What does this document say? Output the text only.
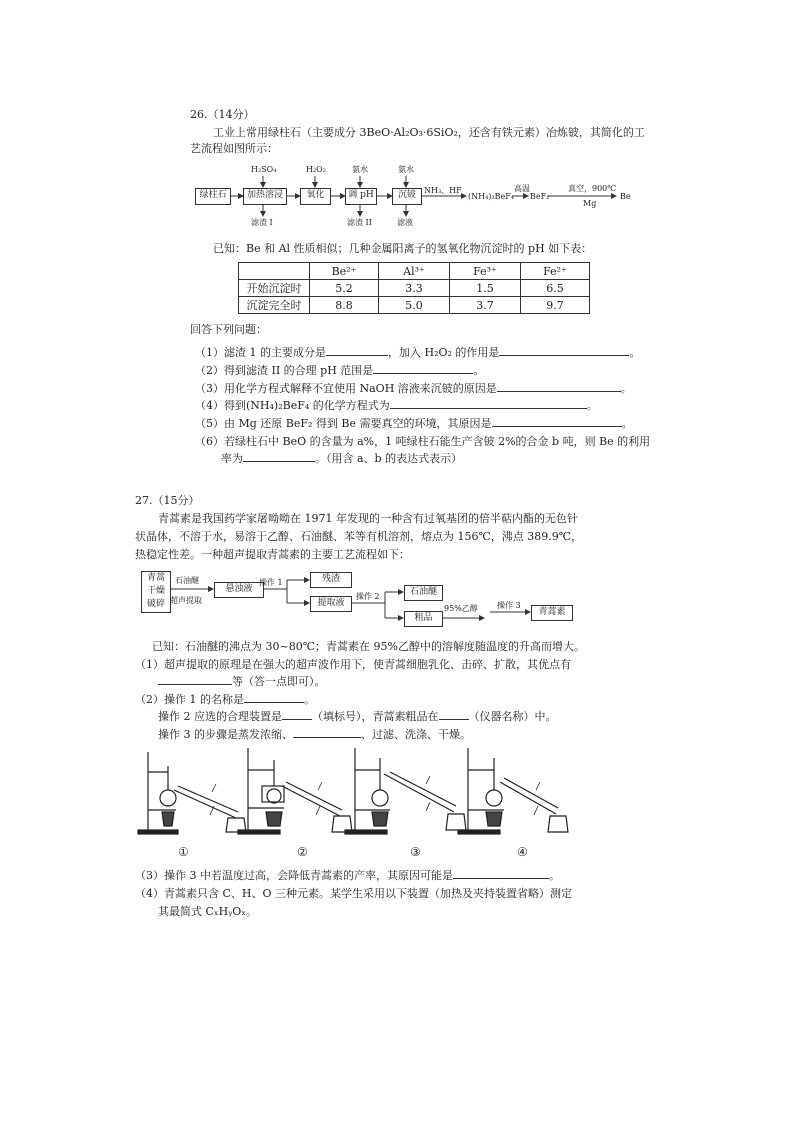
26.（14分）
工业上常用绿柱石（主要成分 3BeO·Al₂O₃·6SiO₂，还含有铁元素）冶炼铍，其简化的工
艺流程如图所示：
绿柱石	加热溶浸	氧化	调 pH	沉铍
H₂SO₄	H₂O₂	氨水	氨水
滤渣 I	滤渣 II	滤液
NH₃、HF
(NH₄)₂BeF₄
高温
BeF₂
真空，900℃
Mg
Be
已知：Be 和 Al 性质相似；几种金属阳离子的氢氧化物沉淀时的 pH 如下表：
	Be²⁺	Al³⁺	Fe³⁺	Fe²⁺
开始沉淀时	5.2	3.3	1.5	6.5
沉淀完全时	8.8	5.0	3.7	9.7
回答下列问题：
（1）滤渣 1 的主要成分是	，加入 H₂O₂ 的作用是	。
（2）得到滤渣 II 的合理 pH 范围是	。
（3）用化学方程式解释不宜使用 NaOH 溶液来沉铍的原因是	。
（4）得到(NH₄)₂BeF₄ 的化学方程式为	。
（5）由 Mg 还原 BeF₂ 得到 Be 需要真空的环境，其原因是	。
（6）若绿柱石中 BeO 的含量为 a%，1 吨绿柱石能生产含铍 2%的合金 b 吨，则 Be 的利用
率为	。（用含 a、b 的表达式表示）
27.（15分）
青蒿素是我国药学家屠呦呦在 1971 年发现的一种含有过氧基团的倍半萜内酯的无色针
状晶体，不溶于水，易溶于乙醇、石油醚、苯等有机溶剂，熔点为 156℃，沸点 389.9℃，
热稳定性差。一种超声提取青蒿素的主要工艺流程如下：
青蒿
干燥
破碎
石油醚
超声提取
悬浊液
操作 1	残渣
提取液
操作 2	石油醚
粗品
95%乙醇 操作 3
青蒿素
已知：石油醚的沸点为 30~80℃；青蒿素在 95%乙醇中的溶解度随温度的升高而增大。
（1）超声提取的原理是在强大的超声波作用下，使青蒿细胞乳化、击碎、扩散，其优点有
等（答一点即可）。
（2）操作 1 的名称是	。
操作 2 应选的合理装置是	（填标号），青蒿素粗品在	（仪器名称）中。
操作 3 的步骤是蒸发浓缩、	、过滤、洗涤、干燥。
①	②	③	④
（3）操作 3 中若温度过高，会降低青蒿素的产率，其原因可能是	。
（4）青蒿素只含 C、H、O 三种元素。某学生采用以下装置（加热及夹持装置省略）测定
其最简式 CₓHᵧOₓ。
